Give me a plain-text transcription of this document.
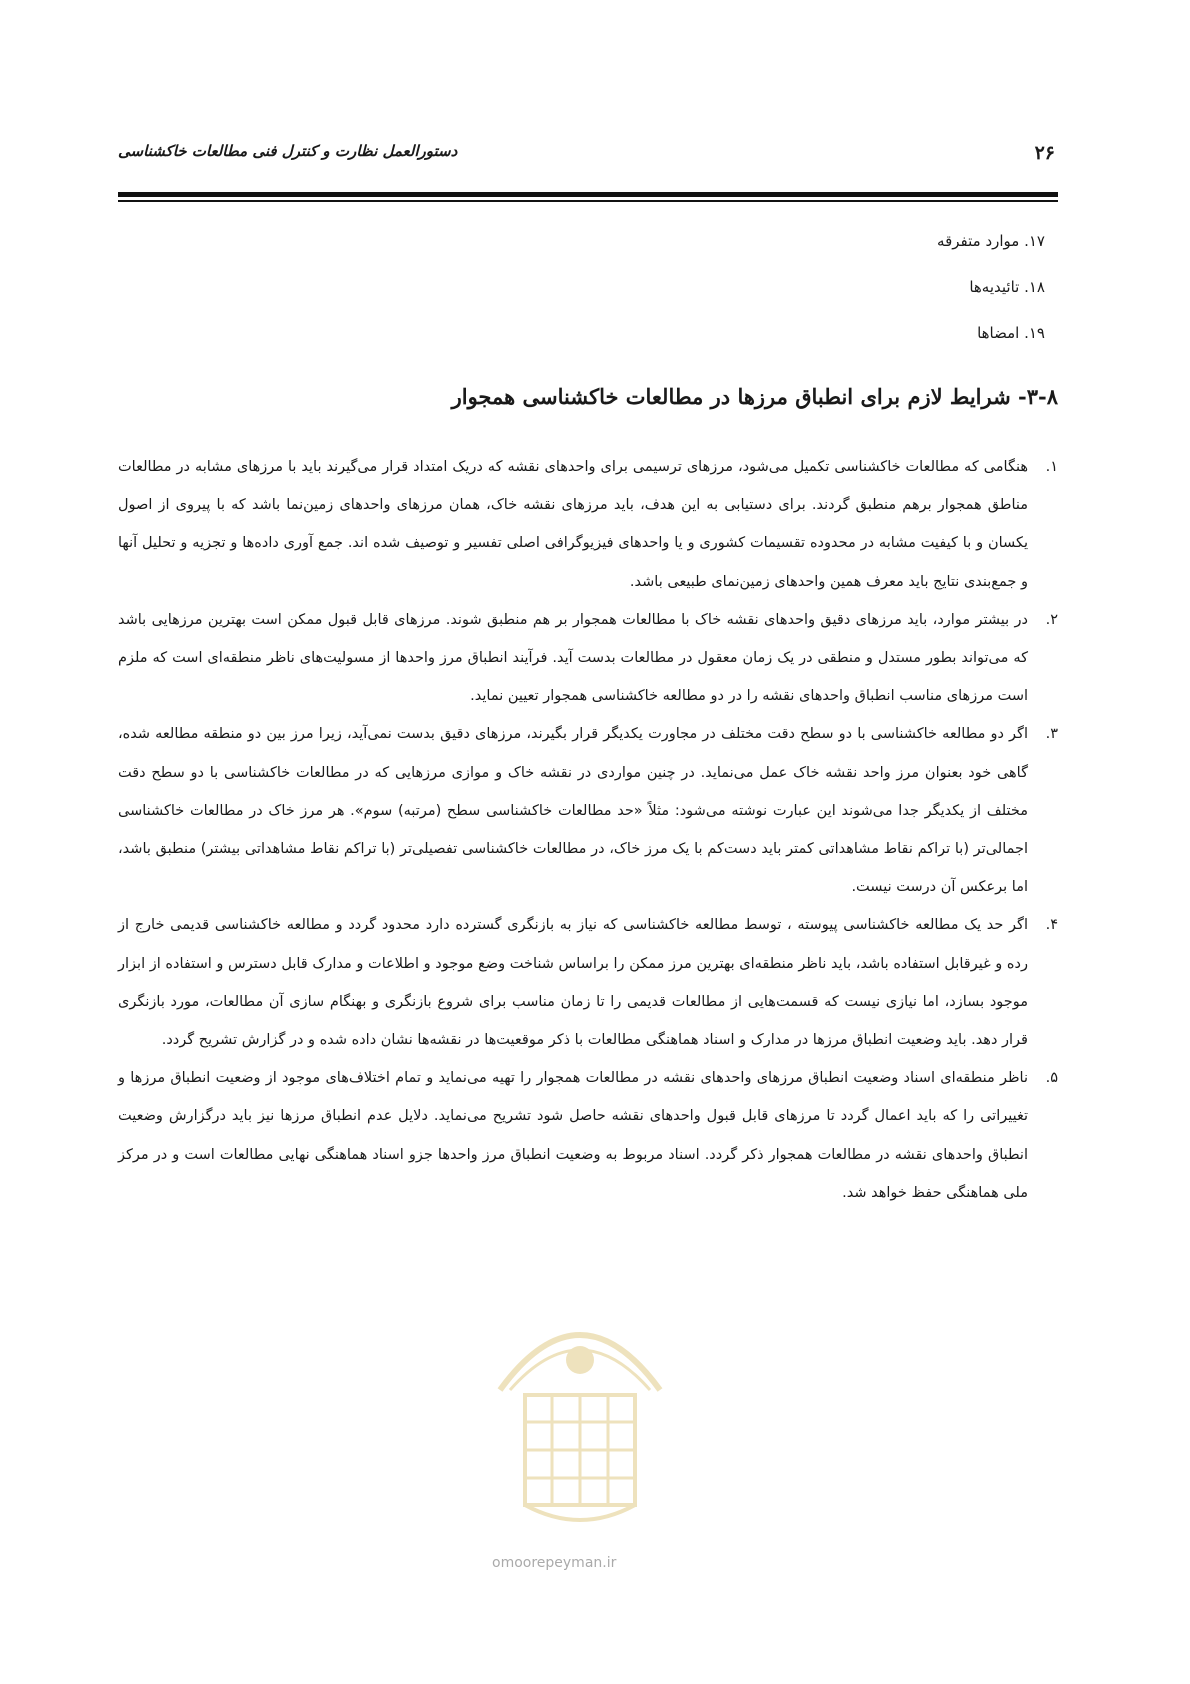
۲۶
دستورالعمل نظارت و کنترل فنی مطالعات خاکشناسی
۱۷. موارد متفرقه
۱۸. تائیدیه‌ها
۱۹. امضاها
۳-۸- شرایط لازم برای انطباق مرزها در مطالعات خاکشناسی همجوار
۱.
هنگامی که مطالعات خاکشناسی تکمیل می‌شود، مرزهای ترسیمی برای واحدهای نقشه که دریک امتداد قرار می‌گیرند باید با مرزهای مشابه در مطالعات مناطق همجوار برهم منطبق گردند. برای دستیابی به این هدف، باید مرزهای نقشه خاک، همان مرزهای واحدهای زمین‌نما باشد که با پیروی از اصول یکسان و با کیفیت مشابه در محدوده تقسیمات کشوری و یا واحدهای فیزیوگرافی اصلی تفسیر و توصیف شده اند. جمع آوری داده‌ها و تجزیه و تحلیل آنها و جمع‌بندی نتایج باید معرف همین واحدهای زمین‌نمای طبیعی باشد.
۲.
در بیشتر موارد، باید مرزهای دقیق واحدهای نقشه خاک با مطالعات همجوار بر هم منطبق شوند. مرزهای قابل قبول ممکن است بهترین مرزهایی باشد که می‌تواند بطور مستدل و منطقی در یک زمان معقول در مطالعات بدست آید. فرآیند انطباق مرز واحدها از مسولیت‌های ناظر منطقه‌ای است که ملزم است مرزهای مناسب انطباق واحدهای نقشه را در دو مطالعه خاکشناسی همجوار تعیین نماید.
۳.
اگر دو مطالعه خاکشناسی با دو سطح دقت مختلف در مجاورت یکدیگر قرار بگیرند، مرزهای دقیق بدست نمی‌آید، زیرا مرز بین دو منطقه مطالعه شده، گاهی خود بعنوان مرز واحد نقشه خاک عمل می‌نماید. در چنین مواردی در نقشه خاک و موازی مرزهایی که در مطالعات خاکشناسی با دو سطح دقت مختلف از یکدیگر جدا می‌شوند این عبارت نوشته می‌شود: مثلاً «حد مطالعات خاکشناسی سطح (مرتبه) سوم». هر مرز خاک در مطالعات خاکشناسی اجمالی‌تر (با تراکم نقاط مشاهداتی کمتر باید دست‌کم با یک مرز خاک، در مطالعات خاکشناسی تفصیلی‌تر (با تراکم نقاط مشاهداتی بیشتر) منطبق باشد، اما برعکس آن درست نیست.
۴.
اگر حد یک مطالعه خاکشناسی پیوسته ، توسط مطالعه خاکشناسی که نیاز به بازنگری گسترده دارد محدود گردد و مطالعه خاکشناسی قدیمی خارج از رده و غیرقابل استفاده باشد، باید ناظر منطقه‌ای بهترین مرز ممکن را براساس شناخت وضع موجود و اطلاعات و مدارک قابل دسترس و استفاده از ابزار موجود بسازد، اما نیازی نیست که قسمت‌هایی از مطالعات قدیمی را تا زمان مناسب برای شروع بازنگری و بهنگام سازی آن مطالعات، مورد بازنگری قرار دهد. باید وضعیت انطباق مرزها در مدارک و اسناد هماهنگی مطالعات با ذکر موقعیت‌ها در نقشه‌ها نشان داده شده و در گزارش تشریح گردد.
۵.
ناظر منطقه‌ای اسناد وضعیت انطباق مرزهای واحدهای نقشه در مطالعات همجوار را تهیه می‌نماید و تمام اختلاف‌های موجود از وضعیت انطباق مرزها و تغییراتی را که باید اعمال گردد تا مرزهای قابل قبول واحدهای نقشه حاصل شود تشریح می‌نماید. دلایل عدم انطباق مرزها نیز باید درگزارش وضعیت انطباق واحدهای نقشه در مطالعات همجوار ذکر گردد. اسناد مربوط به وضعیت انطباق مرز واحدها جزو اسناد هماهنگی نهایی مطالعات است و در مرکز ملی هماهنگی حفظ خواهد شد.
omoorepeyman.ir
